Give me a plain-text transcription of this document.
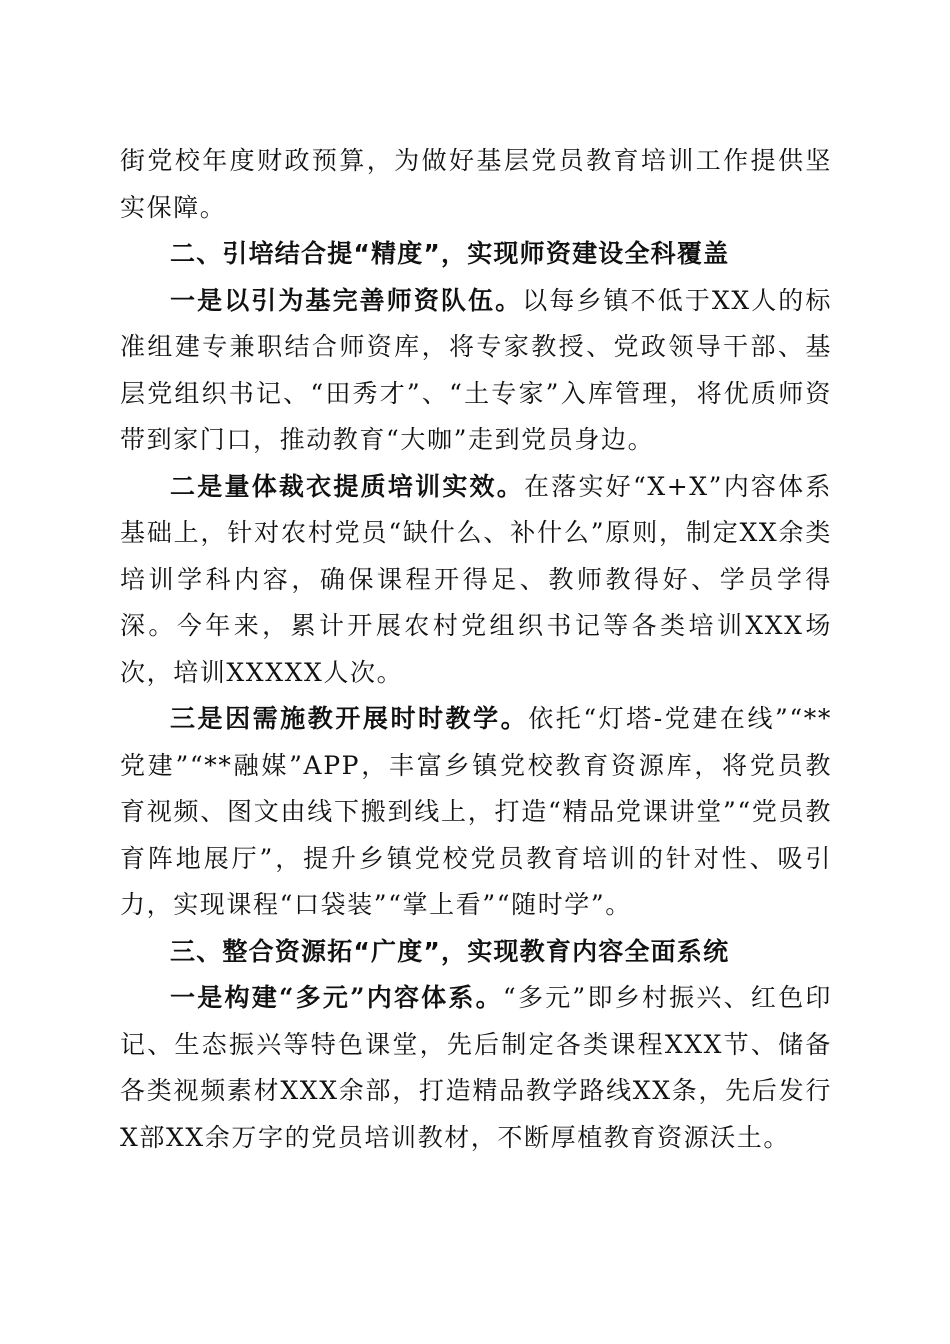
街党校年度财政预算，为做好基层党员教育培训工作提供坚实保障。

二、引培结合提“精度”，实现师资建设全科覆盖

一是以引为基完善师资队伍。以每乡镇不低于XX人的标准组建专兼职结合师资库，将专家教授、党政领导干部、基层党组织书记、“田秀才”、“土专家”入库管理，将优质师资带到家门口，推动教育“大咖”走到党员身边。

二是量体裁衣提质培训实效。在落实好“X+X”内容体系基础上，针对农村党员“缺什么、补什么”原则，制定XX余类培训学科内容，确保课程开得足、教师教得好、学员学得深。今年来，累计开展农村党组织书记等各类培训XXX场次，培训XXXXX人次。

三是因需施教开展时时教学。依托“灯塔-党建在线”“**党建”“**融媒”APP，丰富乡镇党校教育资源库，将党员教育视频、图文由线下搬到线上，打造“精品党课讲堂”“党员教育阵地展厅”，提升乡镇党校党员教育培训的针对性、吸引力，实现课程“口袋装”“掌上看”“随时学”。

三、整合资源拓“广度”，实现教育内容全面系统

一是构建“多元”内容体系。“多元”即乡村振兴、红色印记、生态振兴等特色课堂，先后制定各类课程XXX节、储备各类视频素材XXX余部，打造精品教学路线XX条，先后发行X部XX余万字的党员培训教材，不断厚植教育资源沃土。
